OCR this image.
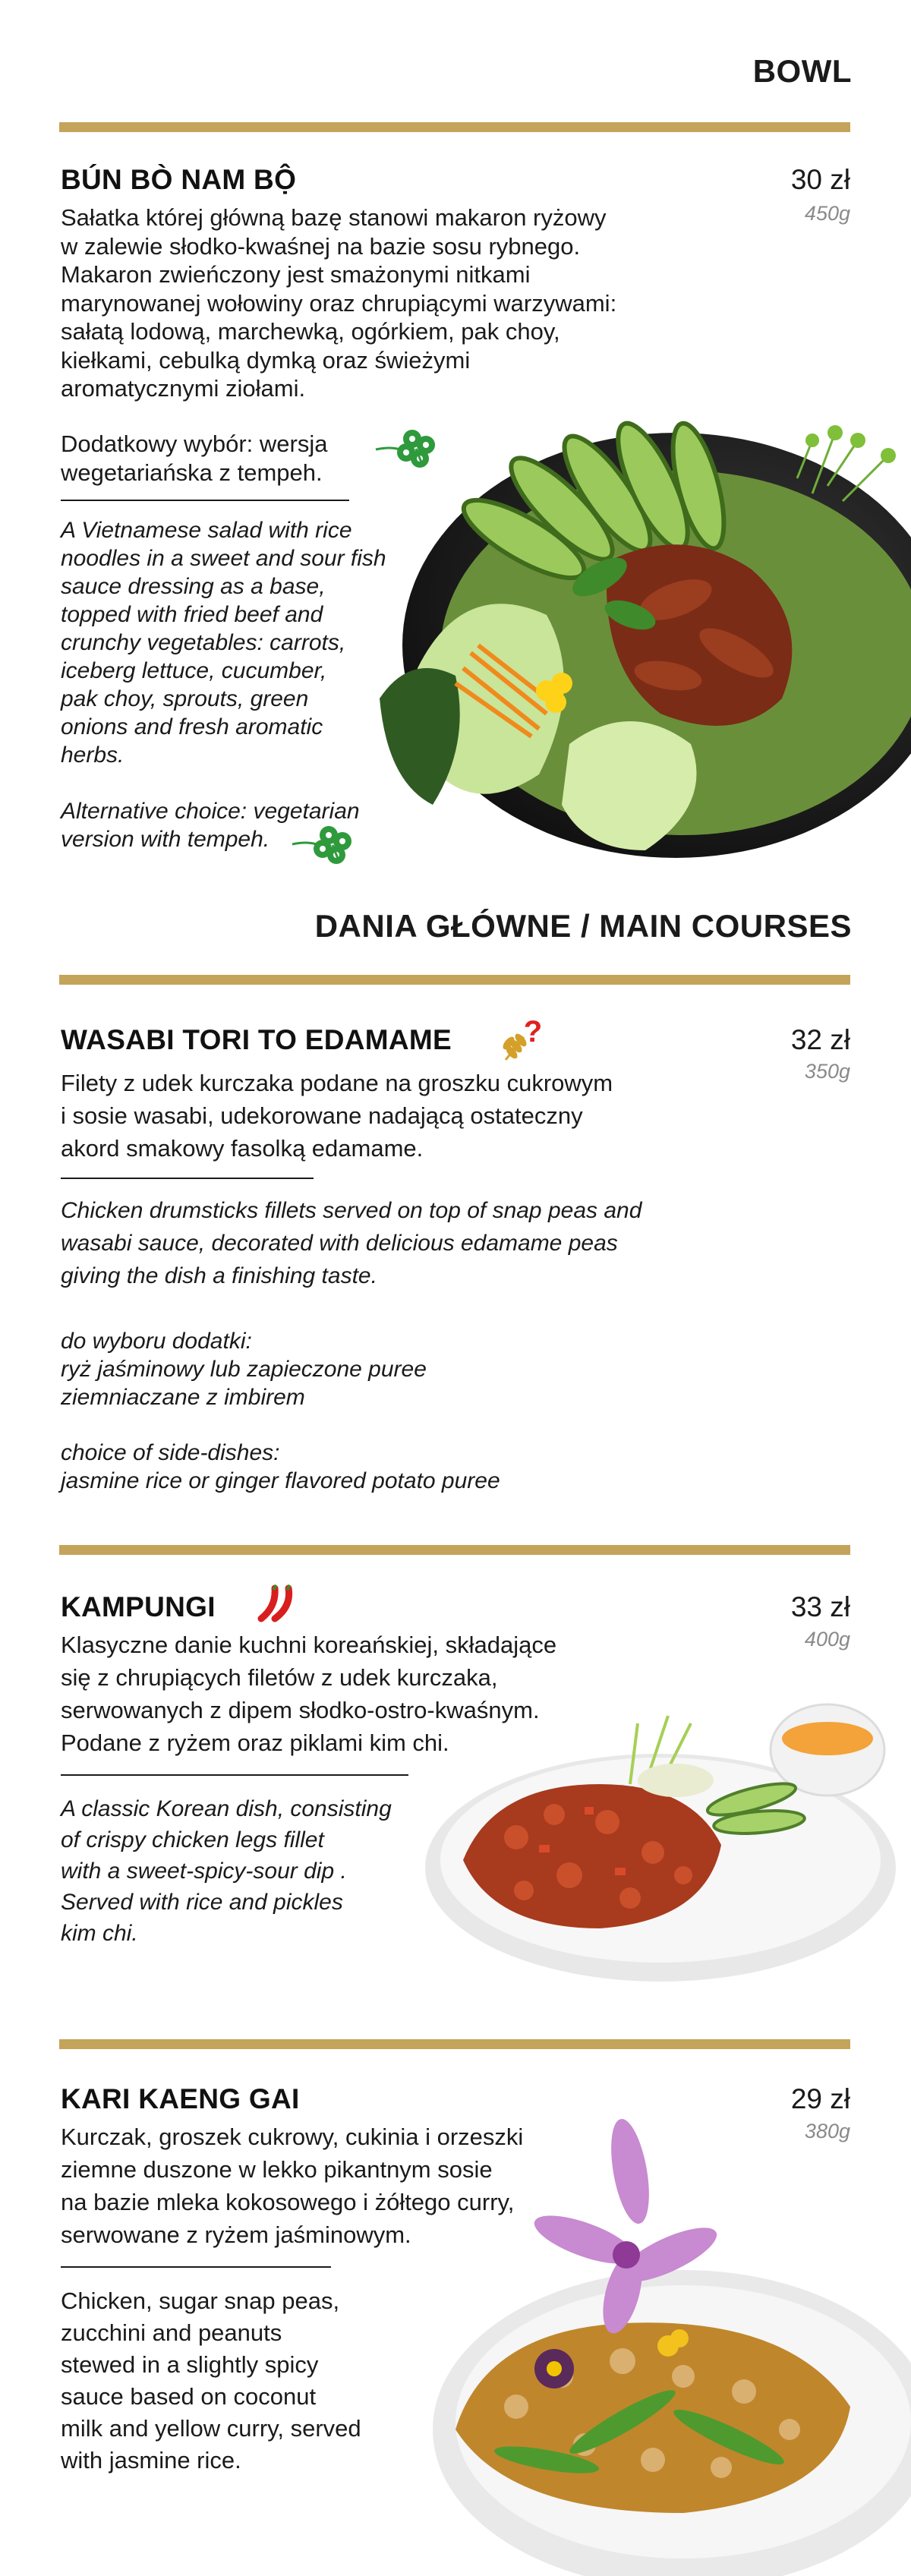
BOWL
BÚN BÒ NAM BỘ	30 zł
450g
Sałatka której główną bazę stanowi makaron ryżowy
w zalewie słodko-kwaśnej na bazie sosu rybnego.
Makaron zwieńczony jest smażonymi nitkami
marynowanej wołowiny oraz chrupiącymi warzywami:
sałatą lodową, marchewką, ogórkiem, pak choy,
kiełkami, cebulką dymką oraz świeżymi
aromatycznymi ziołami.
Dodatkowy wybór: wersja
wegetariańska z tempeh.
A Vietnamese salad with rice
noodles in a sweet and sour fish
sauce dressing as a base,
topped with fried beef and
crunchy vegetables: carrots,
iceberg lettuce, cucumber,
pak choy, sprouts, green
onions and fresh aromatic
herbs.
Alternative choice: vegetarian
version with tempeh.
DANIA GŁÓWNE / MAIN COURSES
WASABI TORI TO EDAMAME ?	32 zł
350g
Filety z udek kurczaka podane na groszku cukrowym
i sosie wasabi, udekorowane nadającą ostateczny
akord smakowy fasolką edamame.
Chicken drumsticks fillets served on top of snap peas and
wasabi sauce, decorated with delicious edamame peas
giving the dish a finishing taste.
do wyboru dodatki:
ryż jaśminowy lub zapieczone puree
ziemniaczane z imbirem
choice of side-dishes:
jasmine rice or ginger flavored potato puree
KAMPUNGI	33 zł
400g
Klasyczne danie kuchni koreańskiej, składające
się z chrupiących filetów z udek kurczaka,
serwowanych z dipem słodko-ostro-kwaśnym.
Podane z ryżem oraz piklami kim chi.
A classic Korean dish, consisting
of crispy chicken legs fillet
with a sweet-spicy-sour dip .
Served with rice and pickles
kim chi.
KARI KAENG GAI	29 zł
380g
Kurczak, groszek cukrowy, cukinia i orzeszki
ziemne duszone w lekko pikantnym sosie
na bazie mleka kokosowego i żółtego curry,
serwowane z ryżem jaśminowym.
Chicken, sugar snap peas,
zucchini and peanuts
stewed in a slightly spicy
sauce based on coconut
milk and yellow curry, served
with jasmine rice.
